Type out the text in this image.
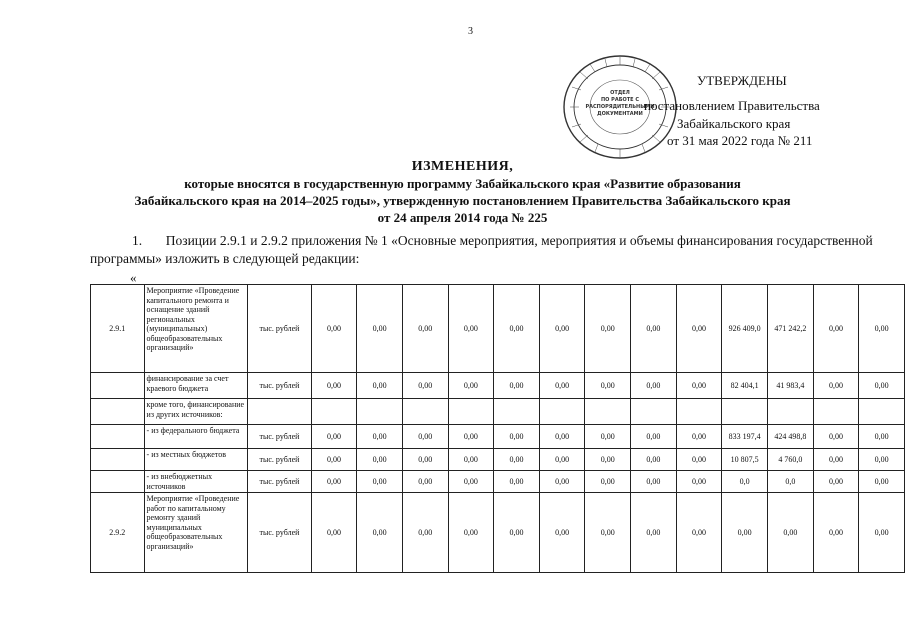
3
ОТДЕЛ
ПО РАБОТЕ С
РАСПОРЯДИТЕЛЬНЫМИ
ДОКУМЕНТАМИ
УТВЕРЖДЕНЫ
постановлением Правительства
Забайкальского края
от 31 мая 2022 года № 211
ИЗМЕНЕНИЯ,
которые вносятся в государственную программу Забайкальского края «Развитие образования
Забайкальского края на 2014–2025 годы», утвержденную постановлением Правительства Забайкальского края
от 24 апреля 2014 года № 225
1.       Позиции 2.9.1 и 2.9.2 приложения № 1 «Основные мероприятия, мероприятия и объемы финансирования государственной программы» изложить в следующей редакции:
«
2.9.1	Мероприятие «Проведение капитального ремонта и оснащение зданий региональных (муниципальных) общеобразовательных организаций»	тыс. рублей	0,00	0,00	0,00	0,00	0,00	0,00	0,00	0,00	0,00	926 409,0	471 242,2	0,00	0,00
	финансирование за счет краевого бюджета	тыс. рублей	0,00	0,00	0,00	0,00	0,00	0,00	0,00	0,00	0,00	82 404,1	41 983,4	0,00	0,00
	кроме того, финансирование из других источников:														
	- из федерального бюджета	тыс. рублей	0,00	0,00	0,00	0,00	0,00	0,00	0,00	0,00	0,00	833 197,4	424 498,8	0,00	0,00
	- из местных бюджетов	тыс. рублей	0,00	0,00	0,00	0,00	0,00	0,00	0,00	0,00	0,00	10 807,5	4 760,0	0,00	0,00
	- из внебюджетных источников	тыс. рублей	0,00	0,00	0,00	0,00	0,00	0,00	0,00	0,00	0,00	0,0	0,0	0,00	0,00
2.9.2	Мероприятие «Проведение работ по капитальному ремонту зданий муниципальных общеобразовательных организаций»	тыс. рублей	0,00	0,00	0,00	0,00	0,00	0,00	0,00	0,00	0,00	0,00	0,00	0,00	0,00
